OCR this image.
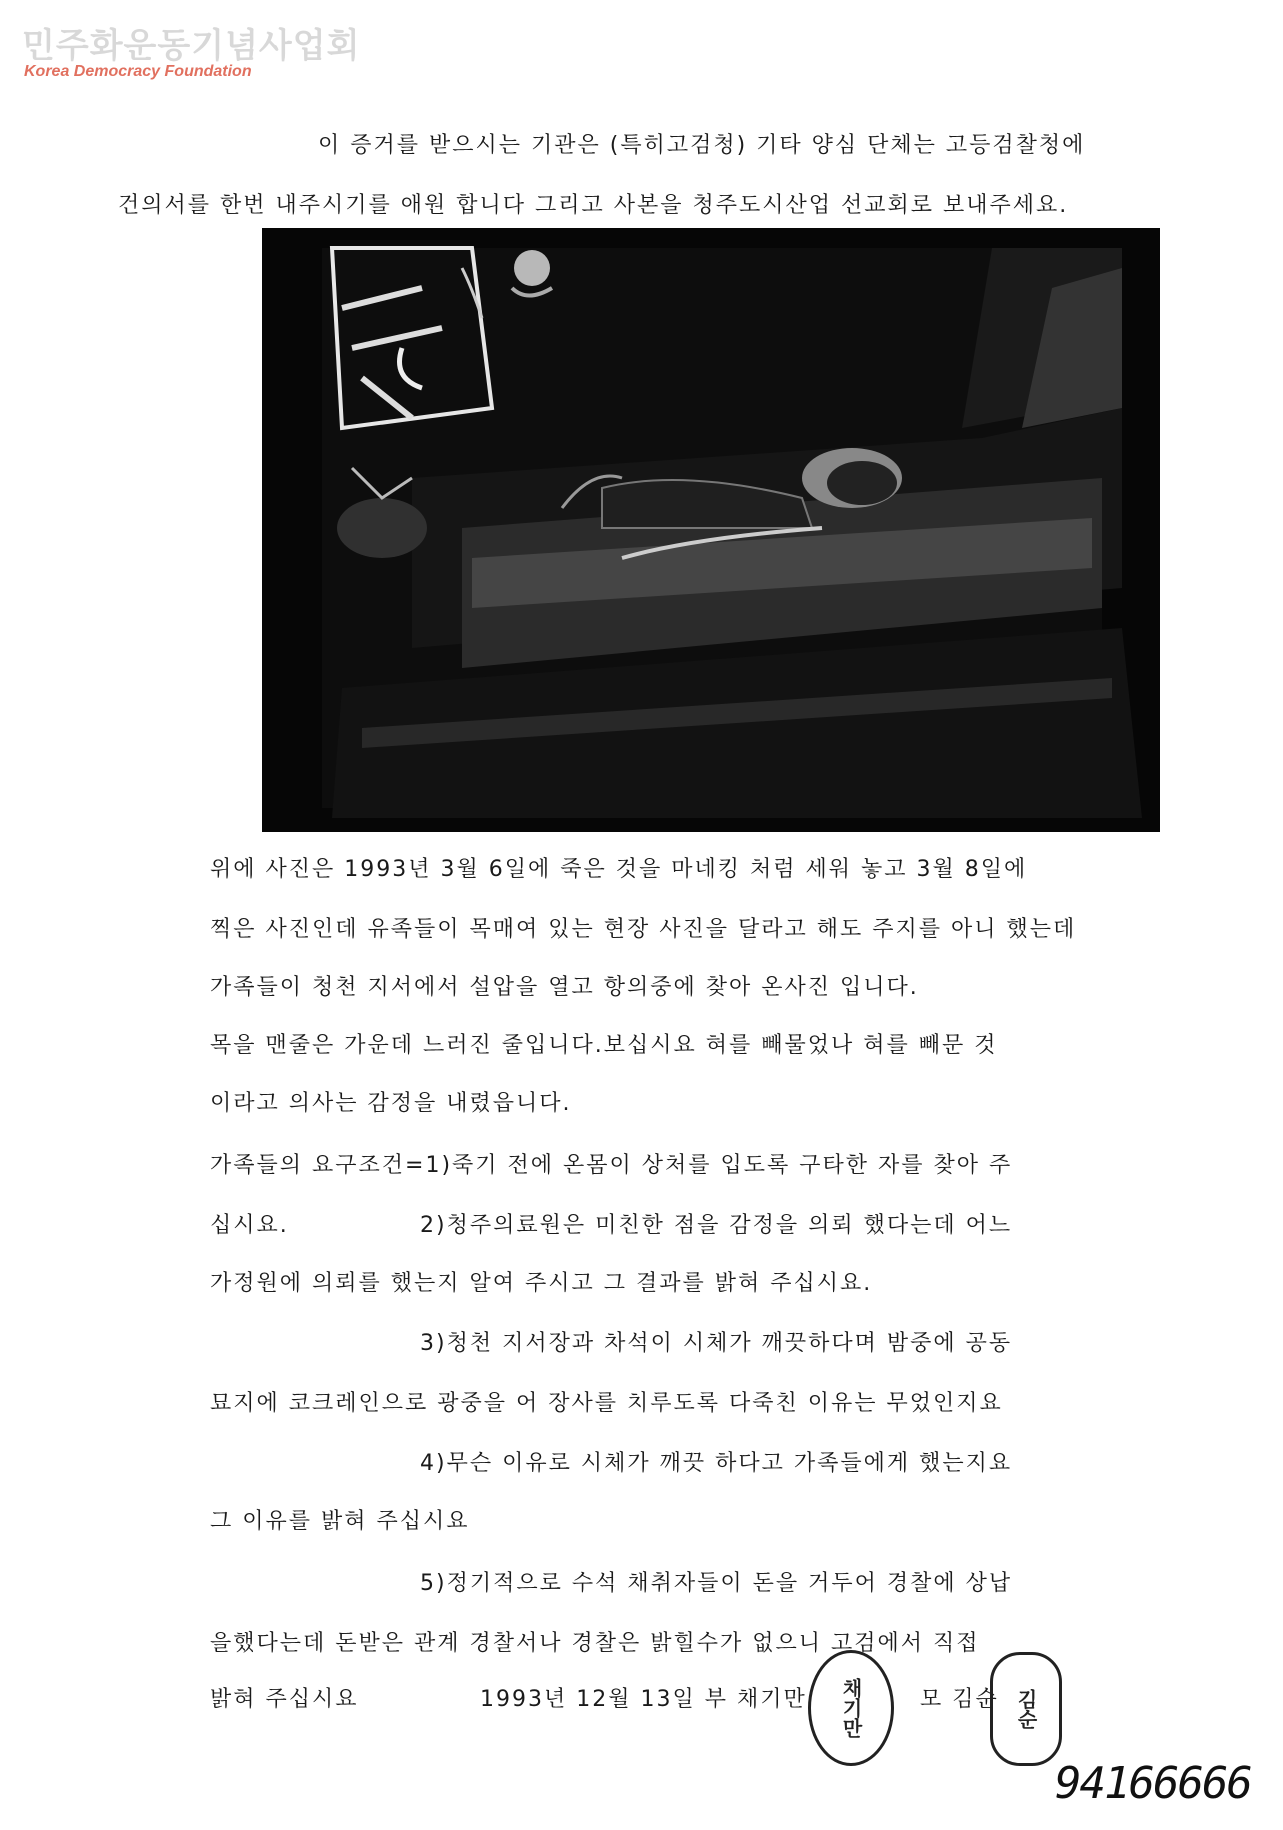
민주화운동기념사업회
Korea Democracy Foundation
이 증거를 받으시는 기관은 (특히고검청) 기타 양심 단체는 고등검찰청에
건의서를 한번 내주시기를 애원 합니다 그리고 사본을 청주도시산업 선교회로 보내주세요.
위에 사진은 1993년 3월 6일에 죽은 것을 마네킹 처럼 세워 놓고 3월 8일에
찍은 사진인데 유족들이 목매여 있는 현장 사진을 달라고 해도 주지를 아니 했는데
가족들이 청천 지서에서 설압을 열고 항의중에 찾아 온사진 입니다.
목을 맨줄은 가운데 느러진 줄입니다.보십시요 혀를 빼물었나 혀를 빼문 것
이라고 의사는 감정을 내렸읍니다.
가족들의 요구조건=1)죽기 전에 온몸이 상처를 입도록 구타한 자를 찾아 주
십시요.	2)청주의료원은 미친한 점을 감정을 의뢰 했다는데 어느
가정원에 의뢰를 했는지 알여 주시고 그 결과를 밝혀 주십시요.
3)청천 지서장과 차석이 시체가 깨끗하다며 밤중에 공동
묘지에 코크레인으로 광중을 어 장사를 치루도록 다죽친 이유는 무었인지요
4)무슨 이유로 시체가 깨끗 하다고 가족들에게 했는지요
그 이유를 밝혀 주십시요
5)정기적으로 수석 채취자들이 돈을 거두어 경찰에 상납
을했다는데 돈받은 관계 경찰서나 경찰은 밝힐수가 없으니 고검에서 직접
밝혀 주십시요	1993년 12월 13일 부 채기만	모 김순
채기만	김순
94166666
